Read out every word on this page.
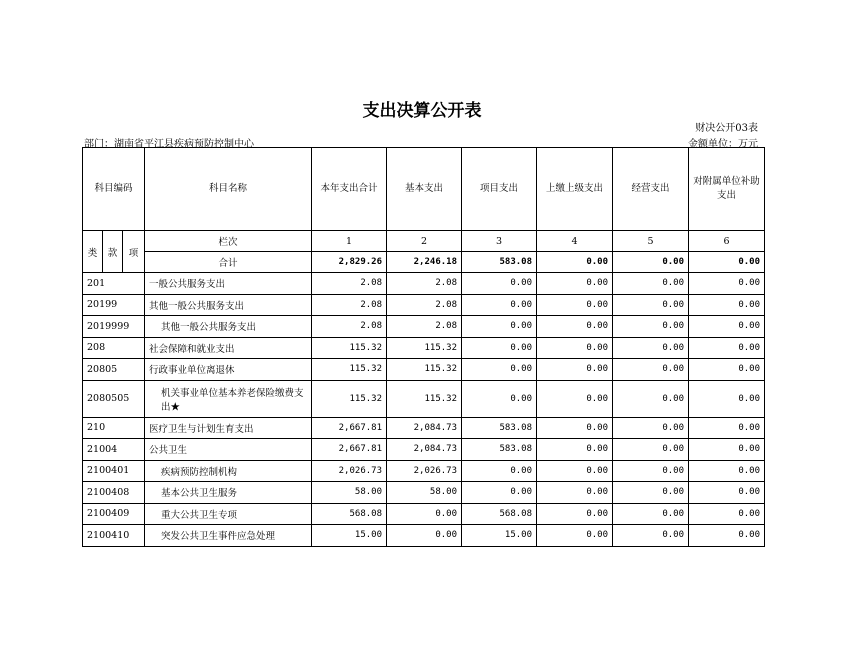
支出决算公开表
财决公开03表
部门：湖南省平江县疾病预防控制中心	金额单位：万元
科目编码			科目名称	本年支出合计	基本支出	项目支出	上缴上级支出	经营支出	对附属单位补助支出
类	款	项	栏次	1	2	3	4	5	6
			合计	2,829.26	2,246.18	583.08	0.00	0.00	0.00
201			一般公共服务支出	2.08	2.08	0.00	0.00	0.00	0.00
20199			其他一般公共服务支出	2.08	2.08	0.00	0.00	0.00	0.00
2019999			其他一般公共服务支出	2.08	2.08	0.00	0.00	0.00	0.00
208			社会保障和就业支出	115.32	115.32	0.00	0.00	0.00	0.00
20805			行政事业单位离退休	115.32	115.32	0.00	0.00	0.00	0.00
2080505			机关事业单位基本养老保险缴费支出★	115.32	115.32	0.00	0.00	0.00	0.00
210			医疗卫生与计划生育支出	2,667.81	2,084.73	583.08	0.00	0.00	0.00
21004			公共卫生	2,667.81	2,084.73	583.08	0.00	0.00	0.00
2100401			疾病预防控制机构	2,026.73	2,026.73	0.00	0.00	0.00	0.00
2100408			基本公共卫生服务	58.00	58.00	0.00	0.00	0.00	0.00
2100409			重大公共卫生专项	568.08	0.00	568.08	0.00	0.00	0.00
2100410			突发公共卫生事件应急处理	15.00	0.00	15.00	0.00	0.00	0.00
